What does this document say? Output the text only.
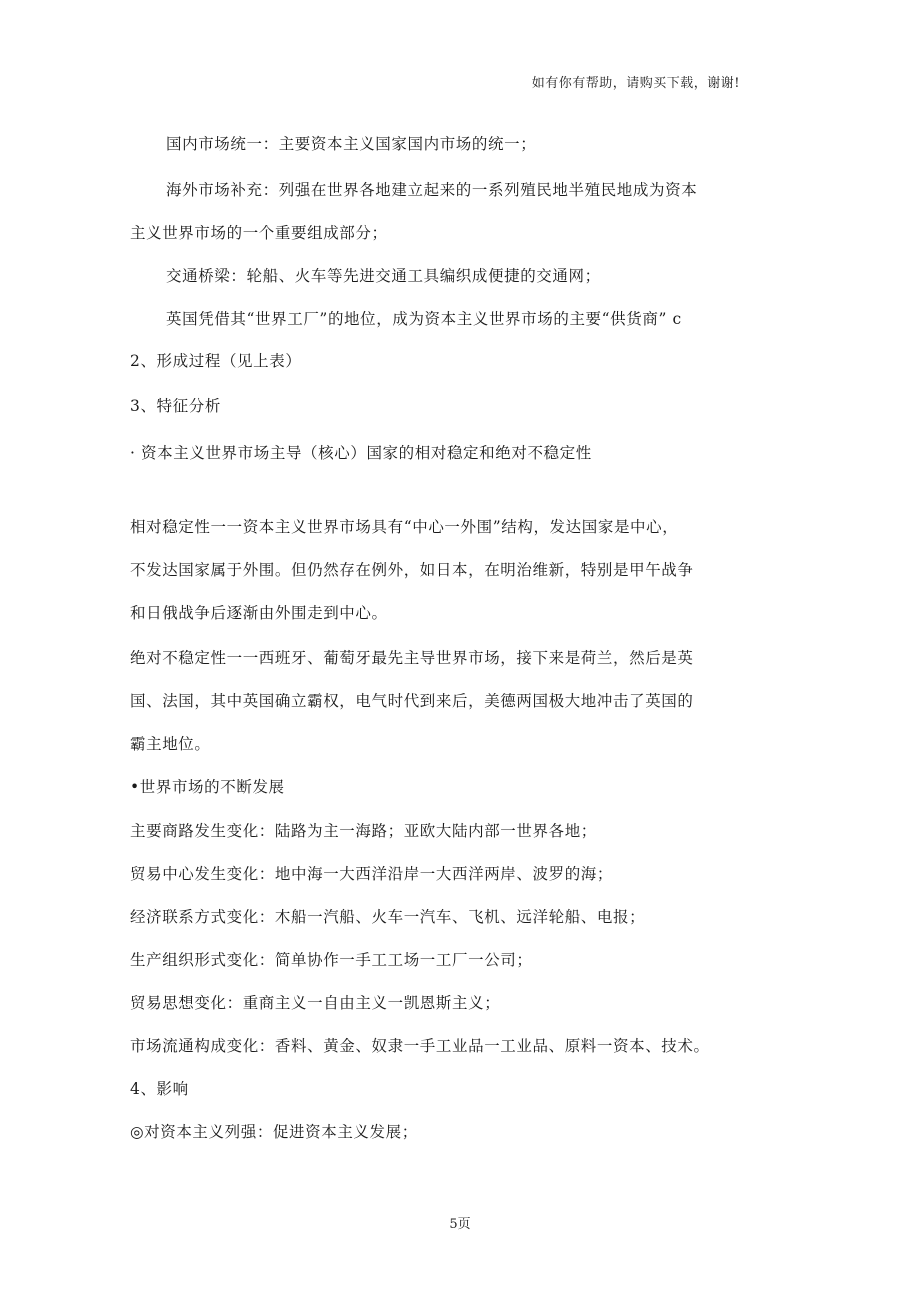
如有你有帮助，请购买下载，谢谢!
国内市场统一：主要资本主义国家国内市场的统一；
海外市场补充：列强在世界各地建立起来的一系列殖民地半殖民地成为资本
主义世界市场的一个重要组成部分；
交通桥梁：轮船、火车等先进交通工具编织成便捷的交通网；
英国凭借其“世界工厂”的地位，成为资本主义世界市场的主要“供货商” c
2、形成过程（见上表）
3、特征分析
· 资本主义世界市场主导（核心）国家的相对稳定和绝对不稳定性
相对稳定性一一资本主义世界市场具有“中心一外围”结构，发达国家是中心，
不发达国家属于外围。但仍然存在例外，如日本，在明治维新，特别是甲午战争
和日俄战争后逐渐由外围走到中心。
绝对不稳定性一一西班牙、葡萄牙最先主导世界市场，接下来是荷兰，然后是英
国、法国，其中英国确立霸权，电气时代到来后，美德两国极大地冲击了英国的
霸主地位。
•世界市场的不断发展
主要商路发生变化：陆路为主一海路；亚欧大陆内部一世界各地；
贸易中心发生变化：地中海一大西洋沿岸一大西洋两岸、波罗的海；
经济联系方式变化：木船一汽船、火车一汽车、飞机、远洋轮船、电报；
生产组织形式变化：简单协作一手工工场一工厂一公司；
贸易思想变化：重商主义一自由主义一凯恩斯主义；
市场流通构成变化：香料、黄金、奴隶一手工业品一工业品、原料一资本、技术。
4、影响
◎对资本主义列强：促进资本主义发展；
5页
